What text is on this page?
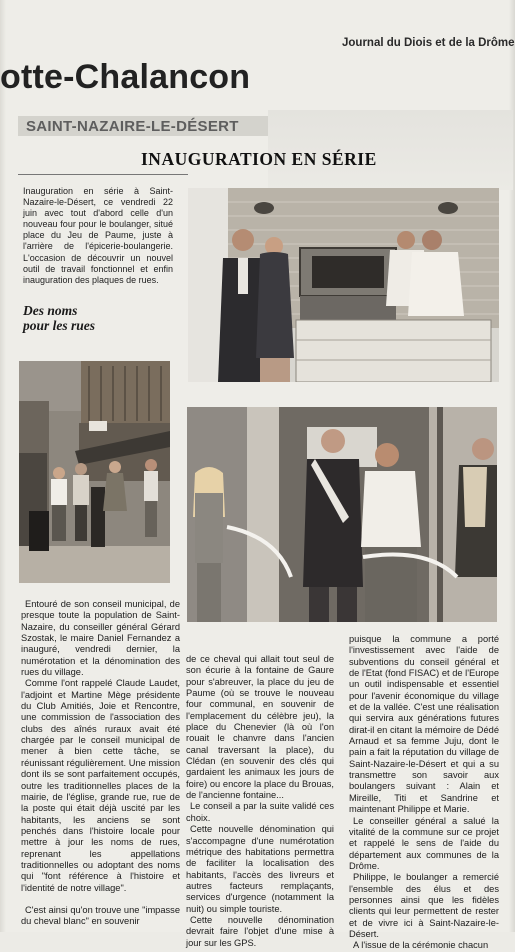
Journal du Diois et de la Drôme
otte-Chalancon
SAINT-NAZAIRE-LE-DÉSERT
INAUGURATION EN SÉRIE
Inauguration en série à Saint-Nazaire-le-Désert, ce vendredi 22 juin avec tout d'abord celle d'un nouveau four pour le boulanger, situé place du Jeu de Paume, juste à l'arrière de l'épicerie-boulangerie. L'occasion de découvrir un nouvel outil de travail fonctionnel et enfin inauguration des plaques de rues.
Des noms
pour les rues

Entouré de son conseil municipal, de presque toute la population de Saint-Nazaire, du conseiller général Gérard Szostak, le maire Daniel Fernandez a inauguré, vendredi dernier, la numérotation et la dénomination des rues du village.

Comme l'ont rappelé Claude Laudet, l'adjoint et Martine Mège présidente du Club Amitiés, Joie et Rencontre, une commission de l'association des clubs des aînés ruraux avait été chargée par le conseil municipal de mener à bien cette tâche, se réunissant régulièrement. Une mission dont ils se sont parfaitement occupés, outre les traditionnelles places de la mairie, de l'église, grande rue, rue de la poste qui était déjà uscité par les habitants, les anciens se sont penchés dans l'histoire locale pour mettre à jour les noms de rues, reprenant les appellations traditionnelles ou adoptant des noms qui "font référence à l'histoire et l'identité de notre village".

C'est ainsi qu'on trouve une "impasse du cheval blanc" en souvenir

de ce cheval qui allait tout seul de son écurie à la fontaine de Gaure pour s'abreuver, la place du jeu de Paume (où se trouve le nouveau four communal, en souvenir de l'emplacement du célèbre jeu), la place du Chenevier (là où l'on rouait le chanvre dans l'ancien canal traversant la place), du Clédan (en souvenir des clés qui gardaient les animaux les jours de foire) ou encore la place du Brouas, de l'ancienne fontaine...

Le conseil a par la suite validé ces choix.

Cette nouvelle dénomination qui s'accompagne d'une numérotation métrique des habitations permettra de faciliter la localisation des habitants, l'accès des livreurs et autres facteurs remplaçants, services d'urgence (notamment la nuit) ou simple touriste.

Cette nouvelle dénomination devrait faire l'objet d'une mise à jour sur les GPS.

puisque la commune a porté l'investissement avec l'aide de subventions du conseil général et de l'Etat (fond FISAC) et de l'Europe un outil indispensable et essentiel pour l'avenir économique du village et de la vallée. C'est une réalisation qui servira aux générations futures dirat-il en citant la mémoire de Dédé Arnaud et sa femme Juju, dont le pain a fait la réputation du village de Saint-Nazaire-le-Désert et qui a su transmettre son savoir aux boulangers suivant : Alain et Mireille, Titi et Sandrine et maintenant Philippe et Marie.

Le conseiller général a salué la vitalité de la commune sur ce projet et rappelé le sens de l'aide du département aux communes de la Drôme.

Philippe, le boulanger a remercié l'ensemble des élus et des personnes ainsi que les fidèles clients qui leur permettent de rester et de vivre ici à Saint-Nazaire-le-Désert.

A l'issue de la cérémonie chacun
